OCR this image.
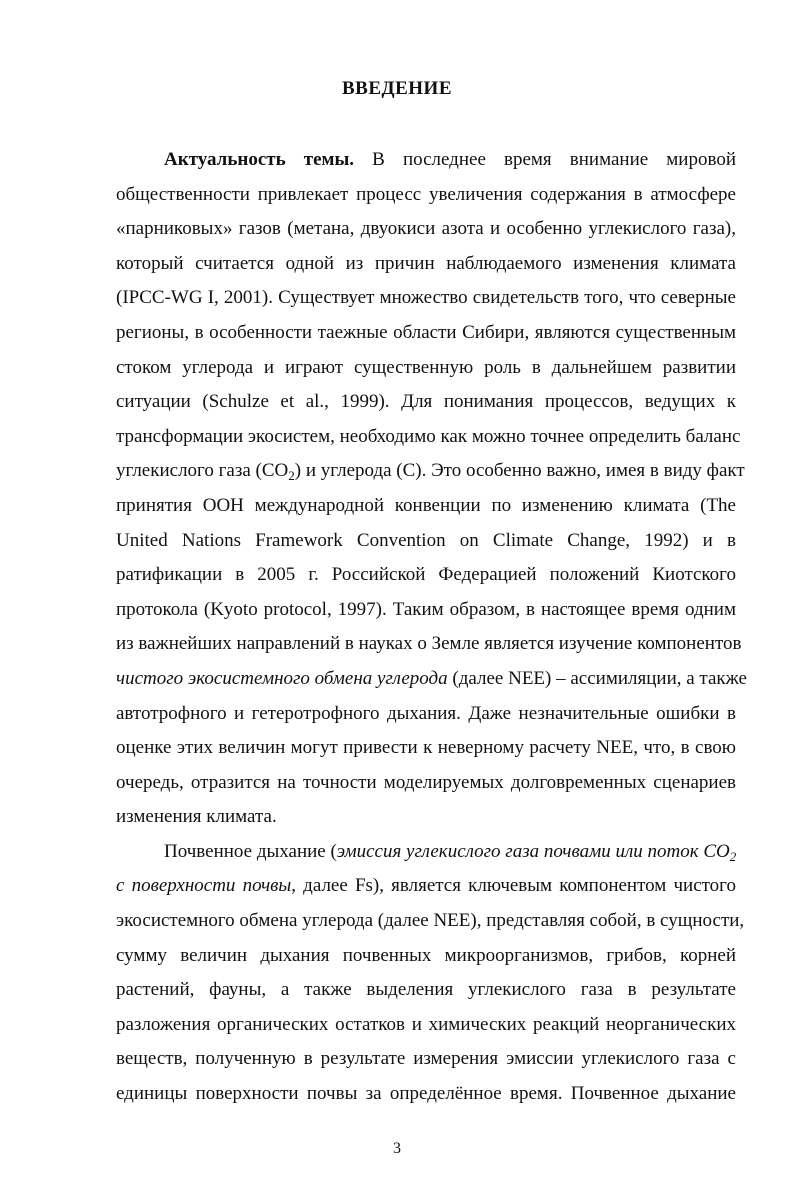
ВВЕДЕНИЕ
Актуальность темы. В последнее время внимание мировой
общественности привлекает процесс увеличения содержания в атмосфере
«парниковых» газов (метана, двуокиси азота и особенно углекислого газа),
который считается одной из причин наблюдаемого изменения климата
(IPCC-WG I, 2001). Существует множество свидетельств того, что северные
регионы, в особенности таежные области Сибири, являются существенным
стоком углерода и играют существенную роль в дальнейшем развитии
ситуации (Schulze et al., 1999). Для понимания процессов, ведущих к
трансформации экосистем, необходимо как можно точнее определить баланс
углекислого газа $(CO_2)$ и углерода (C). Это особенно важно, имея в виду факт
принятия ООН международной конвенции по изменению климата (The
United Nations Framework Convention on Climate Change, 1992) и в
ратификации в 2005 г. Российской Федерацией положений Киотского
протокола (Kyoto protocol, 1997). Таким образом, в настоящее время одним
из важнейших направлений в науках о Земле является изучение компонентов
чистого экосистемного обмена углерода (далее NEE) – ассимиляции, а также
автотрофного и гетеротрофного дыхания. Даже незначительные ошибки в
оценке этих величин могут привести к неверному расчету NEE, что, в свою
очередь, отразится на точности моделируемых долговременных сценариев
изменения климата.
Почвенное дыхание (эмиссия углекислого газа почвами или поток $CO_2$
с поверхности почвы, далее Fs), является ключевым компонентом чистого
экосистемного обмена углерода (далее NEE), представляя собой, в сущности,
сумму величин дыхания почвенных микроорганизмов, грибов, корней
растений, фауны, а также выделения углекислого газа в результате
разложения органических остатков и химических реакций неорганических
веществ, полученную в результате измерения эмиссии углекислого газа с
единицы поверхности почвы за определённое время. Почвенное дыхание
3
